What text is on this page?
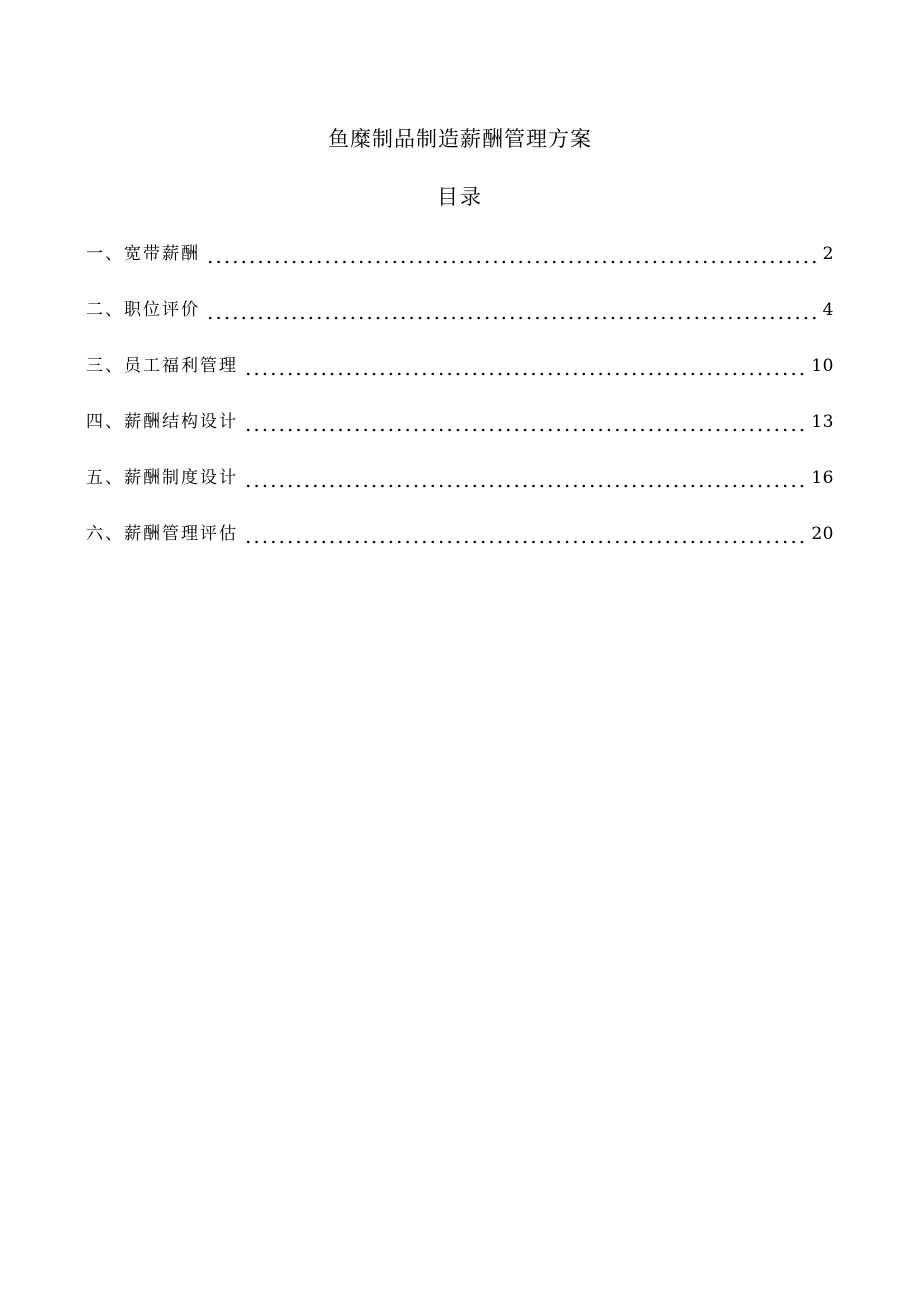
鱼糜制品制造薪酬管理方案
目录
一、宽带薪酬	2
二、职位评价	4
三、员工福利管理	10
四、薪酬结构设计	13
五、薪酬制度设计	16
六、薪酬管理评估	20
